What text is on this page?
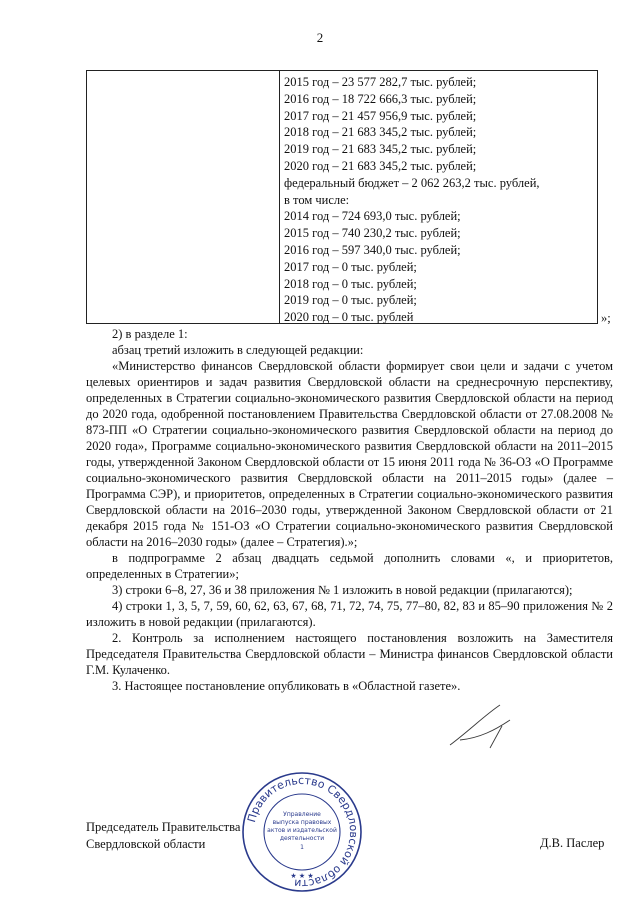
2
2015 год – 23 577 282,7 тыс. рублей;
2016 год – 18 722 666,3 тыс. рублей;
2017 год – 21 457 956,9 тыс. рублей;
2018 год – 21 683 345,2 тыс. рублей;
2019 год – 21 683 345,2 тыс. рублей;
2020 год – 21 683 345,2 тыс. рублей;
федеральный бюджет – 2 062 263,2 тыс. рублей,
в том числе:
2014 год – 724 693,0 тыс. рублей;
2015 год – 740 230,2 тыс. рублей;
2016 год – 597 340,0 тыс. рублей;
2017 год – 0 тыс. рублей;
2018 год – 0 тыс. рублей;
2019 год – 0 тыс. рублей;
2020 год – 0 тыс. рублей	»;

2) в разделе 1:

абзац третий изложить в следующей редакции:

«Министерство финансов Свердловской области формирует свои цели и задачи с учетом целевых ориентиров и задач развития Свердловской области на среднесрочную перспективу, определенных в Стратегии социально-экономического развития Свердловской области на период до 2020 года, одобренной постановлением Правительства Свердловской области от 27.08.2008 № 873-ПП «О Стратегии социально-экономического развития Свердловской области на период до 2020 года», Программе социально-экономического развития Свердловской области на 2011–2015 годы, утвержденной Законом Свердловской области от 15 июня 2011 года № 36-ОЗ «О Программе социально-экономического развития Свердловской области на 2011–2015 годы» (далее – Программа СЭР), и приоритетов, определенных в Стратегии социально-экономического развития Свердловской области на 2016–2030 годы, утвержденной Законом Свердловской области от 21 декабря 2015 года № 151-ОЗ «О Стратегии социально-экономического развития Свердловской области на 2016–2030 годы» (далее – Стратегия).»;

в подпрограмме 2 абзац двадцать седьмой дополнить словами «, и приоритетов, определенных в Стратегии»;

3) строки 6–8, 27, 36 и 38 приложения № 1 изложить в новой редакции (прилагаются);

4) строки 1, 3, 5, 7, 59, 60, 62, 63, 67, 68, 71, 72, 74, 75, 77–80, 82, 83 и 85–90 приложения № 2 изложить в новой редакции (прилагаются).

2. Контроль за исполнением настоящего постановления возложить на Заместителя Председателя Правительства Свердловской области – Министра финансов Свердловской области Г.М. Кулаченко.

3. Настоящее постановление опубликовать в «Областной газете».

Председатель Правительства
Свердловской области	Д.В. Паслер
Правительство Свердловской области
Управление
выпуска правовых
актов и издательской
деятельности
1
★ ★ ★
